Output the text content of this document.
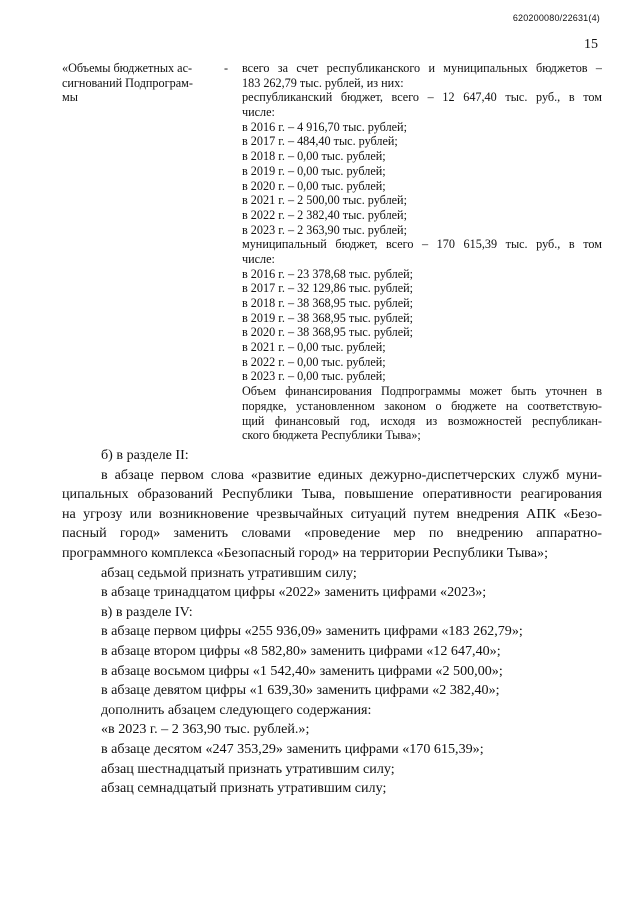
620200080/22631(4)
15
«Объемы бюджетных ас-
сигнований Подпрограм-
мы
-	всего за счет республиканского и муниципальных бюджетов –
183 262,79 тыс. рублей, из них:
республиканский бюджет, всего – 12 647,40 тыс. руб., в том
числе:
в 2016 г. – 4 916,70 тыс. рублей;
в 2017 г. – 484,40 тыс. рублей;
в 2018 г. – 0,00 тыс. рублей;
в 2019 г. – 0,00 тыс. рублей;
в 2020 г. – 0,00 тыс. рублей;
в 2021 г. – 2 500,00 тыс. рублей;
в 2022 г. – 2 382,40 тыс. рублей;
в 2023 г. – 2 363,90 тыс. рублей;
муниципальный бюджет, всего – 170 615,39 тыс. руб., в том
числе:
в 2016 г. – 23 378,68 тыс. рублей;
в 2017 г. – 32 129,86 тыс. рублей;
в 2018 г. – 38 368,95 тыс. рублей;
в 2019 г. – 38 368,95 тыс. рублей;
в 2020 г. – 38 368,95 тыс. рублей;
в 2021 г. – 0,00 тыс. рублей;
в 2022 г. – 0,00 тыс. рублей;
в 2023 г. – 0,00 тыс. рублей;
Объем финансирования Подпрограммы может быть уточнен в
порядке, установленном законом о бюджете на соответствую-
щий финансовый год, исходя из возможностей республикан-
ского бюджета Республики Тыва»;
б) в разделе II:
в абзаце первом слова «развитие единых дежурно-диспетчерских служб муни-
ципальных образований Республики Тыва, повышение оперативности реагирования
на угрозу или возникновение чрезвычайных ситуаций путем внедрения АПК «Безо-
пасный город» заменить словами «проведение мер по внедрению аппаратно-
программного комплекса «Безопасный город» на территории Республики Тыва»;
абзац седьмой признать утратившим силу;
в абзаце тринадцатом цифры «2022» заменить цифрами «2023»;
в) в разделе IV:
в абзаце первом цифры «255 936,09» заменить цифрами «183 262,79»;
в абзаце втором цифры «8 582,80» заменить цифрами «12 647,40»;
в абзаце восьмом цифры «1 542,40» заменить цифрами «2 500,00»;
в абзаце девятом цифры «1 639,30» заменить цифрами «2 382,40»;
дополнить абзацем следующего содержания:
«в 2023 г. – 2 363,90 тыс. рублей.»;
в абзаце десятом «247 353,29» заменить цифрами «170 615,39»;
абзац шестнадцатый признать утратившим силу;
абзац семнадцатый признать утратившим силу;
